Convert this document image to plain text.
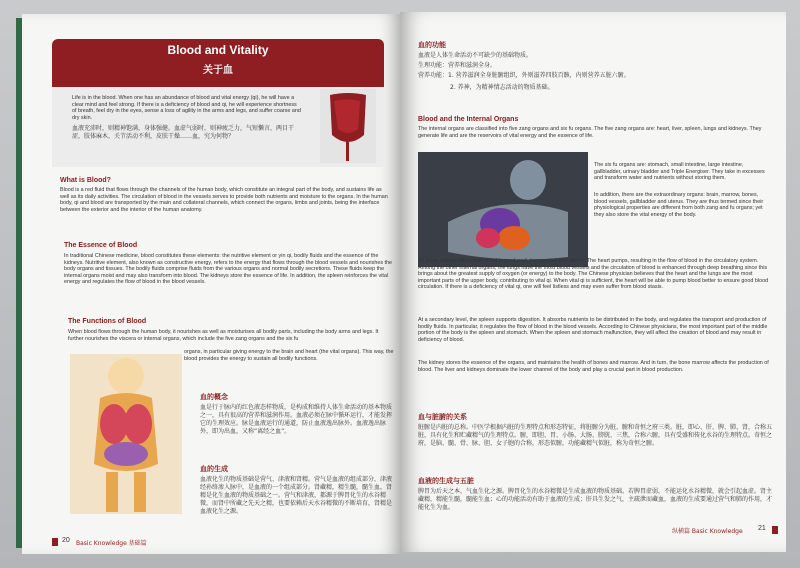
Blood and Vitality
关于血

Life is in the blood. When one has an abundance of blood and vital energy (qi), he will have a clear mind and feel strong. If there is a deficiency of blood and qi, he will experience shortness of breath, feel dry in the eyes, sense a loss of agility in the arms and legs, and suffer coarse and dry skin.

血液充沛时，则精神饱满，身体强健。血虚气弱时，则神疲乏力，气短懒言，两目干涩，肢体麻木，关节活动不利，皮肤干燥……血，究为何物？

What is Blood?

Blood is a red fluid that flows through the channels of the human body, which constitute an integral part of the body, and sustains life as well as its daily activities. The circulation of blood in the vessels serves to provide both nutrients and moisture to the organs. In the human body, qi and blood are transported by the main and collateral channels, which connect the organs, limbs and joints, being the interface between the exterior and the interior of the human anatomy.

The Essence of Blood

In traditional Chinese medicine, blood constitutes these elements: the nutritive element or yin qi, bodily fluids and the essence of the kidneys. Nutritive element, also known as constructive energy, refers to the energy that flows through the blood vessels and nourishes the body organs and tissues. The bodily fluids comprise fluids from the various organs and normal bodily secretions. These fluids keep the internal organs moist and may also transform into blood. The kidneys store the essence of life. In addition, the spleen reinforces the vital energy and regulates the flow of blood in the blood vessels.

The Functions of Blood

When blood flows through the human body, it nourishes as well as moisturises all bodily parts, including the body arms and legs. It further nourishes the viscera or internal organs, which include the five zang organs and the six fu

organs, in particular giving energy to the brain and heart (the vital organs). This way, the blood provides the energy to sustain all bodily functions.

血的概念

血是行于脉内的红色液态样物质，是构成和维持人体生命活动的基本物质之一，具有很高的营养和滋润作用。血液必须在脉中循环运行，才能发挥它的生理效应。脉是血液运行的通道，防止血液逸出脉外。血液逸出脉外，即为出血，又称“离经之血”。

血的生成

血液化生的物质基础是营气、津液和肾精。营气是血液的组成部分，津液经孙络渗入脉中，是血液的一个组成部分。肾藏精，精生髓，髓生血，肾精是化生血液的物质基础之一。营气和津液，都源于脾胃化生的水谷精微，而肾中所藏之先天之精，也要依赖后天水谷精微的不断培育，肾精是血液化生之源。

20 Basic Knowledge 基础篇

血的功能

血液是人体生命活动不可缺少的基础物质。

生理功能：营养和滋润全身。

营养功能：1. 营养滋润全身脏腑组织，外则滋养四肢百骸，内则营养五脏六腑。

2. 养神，为精神情志活动的物质基础。

Blood and the Internal Organs

The internal organs are classified into five zang organs and six fu organs. The five zang organs are: heart, liver, spleen, lungs and kidneys. They generate life and are the reservoirs of vital energy and the essence of life.

The six fu organs are: stomach, small intestine, large intestine, gallbladder, urinary bladder and Triple Energiser. They take in excesses and transform water and nutrients without storing them.

In addition, there are the extraordinary organs: brain, marrow, bones, blood vessels, gallbladder and uterus. They are thus termed since their physiological properties are different from both zang and fu organs; yet they also store the vital energy of the body.

All these organs affect how blood is produced, transported and stored. The heart pumps, resulting in the flow of blood in the circulatory system. Among the other internal organs, the lungs have the most blood vessels and the circulation of blood is enhanced through deep breathing since this brings about the greatest supply of oxygen (or energy) to the body. The Chinese physician believes that the heart and the lungs are the most important parts of the upper body, contributing to vital qi. When vital qi is sufficient, the heart will be able to pump blood better to ensure good blood circulation. If there is a deficiency of vital qi, one will feel listless and may even suffer from blood stasis.

At a secondary level, the spleen supports digestion. It absorbs nutrients to be distributed in the body, and regulates the transport and production of bodily fluids. In particular, it regulates the flow of blood in the blood vessels. According to Chinese physicians, the most important part of the middle portion of the body is the spleen and stomach. When the spleen and stomach malfunction, they will affect the creation of blood and may result in deficiency of blood.

The kidney stores the essence of the organs, and maintains the health of bones and marrow. And in turn, the bone marrow affects the production of blood. The liver and kidneys dominate the lower channel of the body and play a crucial part in blood production.

血与脏腑的关系

脏腑是内脏的总称。中医学根据内脏的生理特点和形态特征，将脏腑分为脏、腑和奇恒之府三类。脏，即心、肝、脾、肺、肾，合称五脏，具有化生和贮藏精气的生理特点。腑，即胆、胃、小肠、大肠、膀胱、三焦，合称六腑，具有受盛和传化水谷的生理特点。奇恒之府，是脑、髓、骨、脉、胆、女子胞的合称，形态似腑，功能藏精气似脏，称为奇恒之腑。

血液的生成与五脏

脾胃为后天之本，气血生化之源。脾胃化生的水谷精微是生成血液的物质基础。若脾胃虚弱，不能运化水谷精微，就会引起血虚。肾主藏精，精能生髓，髓能生血；心的功能活动有助于血液的生成；肝具生发之气，主疏泄而藏血，血液的生成要通过营气和肺的作用，才能化生为血。

纵横篇 Basic Knowledge 21
